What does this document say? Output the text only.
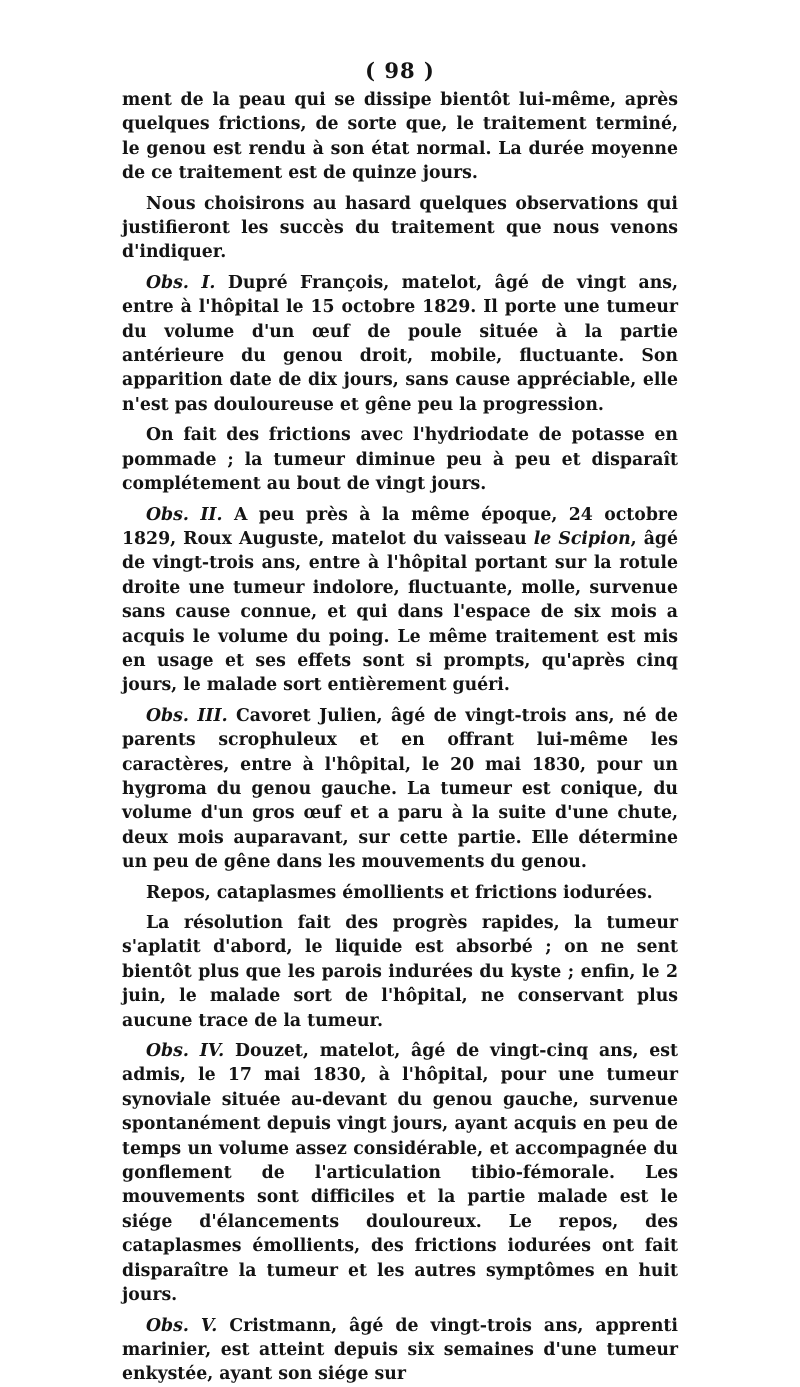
( 98 )

ment de la peau qui se dissipe bientôt lui-même, après quelques frictions, de sorte que, le traitement terminé, le genou est rendu à son état normal. La durée moyenne de ce traitement est de quinze jours.

Nous choisirons au hasard quelques observations qui justifieront les succès du traitement que nous venons d'indiquer.

Obs. I. Dupré François, matelot, âgé de vingt ans, entre à l'hôpital le 15 octobre 1829. Il porte une tumeur du volume d'un œuf de poule située à la partie antérieure du genou droit, mobile, fluctuante. Son apparition date de dix jours, sans cause appréciable, elle n'est pas douloureuse et gêne peu la progression.

On fait des frictions avec l'hydriodate de potasse en pommade ; la tumeur diminue peu à peu et disparaît complétement au bout de vingt jours.

Obs. II. A peu près à la même époque, 24 octobre 1829, Roux Auguste, matelot du vaisseau le Scipion, âgé de vingt-trois ans, entre à l'hôpital portant sur la rotule droite une tumeur indolore, fluctuante, molle, survenue sans cause connue, et qui dans l'espace de six mois a acquis le volume du poing. Le même traitement est mis en usage et ses effets sont si prompts, qu'après cinq jours, le malade sort entièrement guéri.

Obs. III. Cavoret Julien, âgé de vingt-trois ans, né de parents scrophuleux et en offrant lui-même les caractères, entre à l'hôpital, le 20 mai 1830, pour un hygroma du genou gauche. La tumeur est conique, du volume d'un gros œuf et a paru à la suite d'une chute, deux mois auparavant, sur cette partie. Elle détermine un peu de gêne dans les mouvements du genou.

Repos, cataplasmes émollients et frictions iodurées.

La résolution fait des progrès rapides, la tumeur s'aplatit d'abord, le liquide est absorbé ; on ne sent bientôt plus que les parois indurées du kyste ; enfin, le 2 juin, le malade sort de l'hôpital, ne conservant plus aucune trace de la tumeur.

Obs. IV. Douzet, matelot, âgé de vingt-cinq ans, est admis, le 17 mai 1830, à l'hôpital, pour une tumeur synoviale située au-devant du genou gauche, survenue spontanément depuis vingt jours, ayant acquis en peu de temps un volume assez considérable, et accompagnée du gonflement de l'articulation tibio-fémorale. Les mouvements sont difficiles et la partie malade est le siége d'élancements douloureux. Le repos, des cataplasmes émollients, des frictions iodurées ont fait disparaître la tumeur et les autres symptômes en huit jours.

Obs. V. Cristmann, âgé de vingt-trois ans, apprenti marinier, est atteint depuis six semaines d'une tumeur enkystée, ayant son siége sur
